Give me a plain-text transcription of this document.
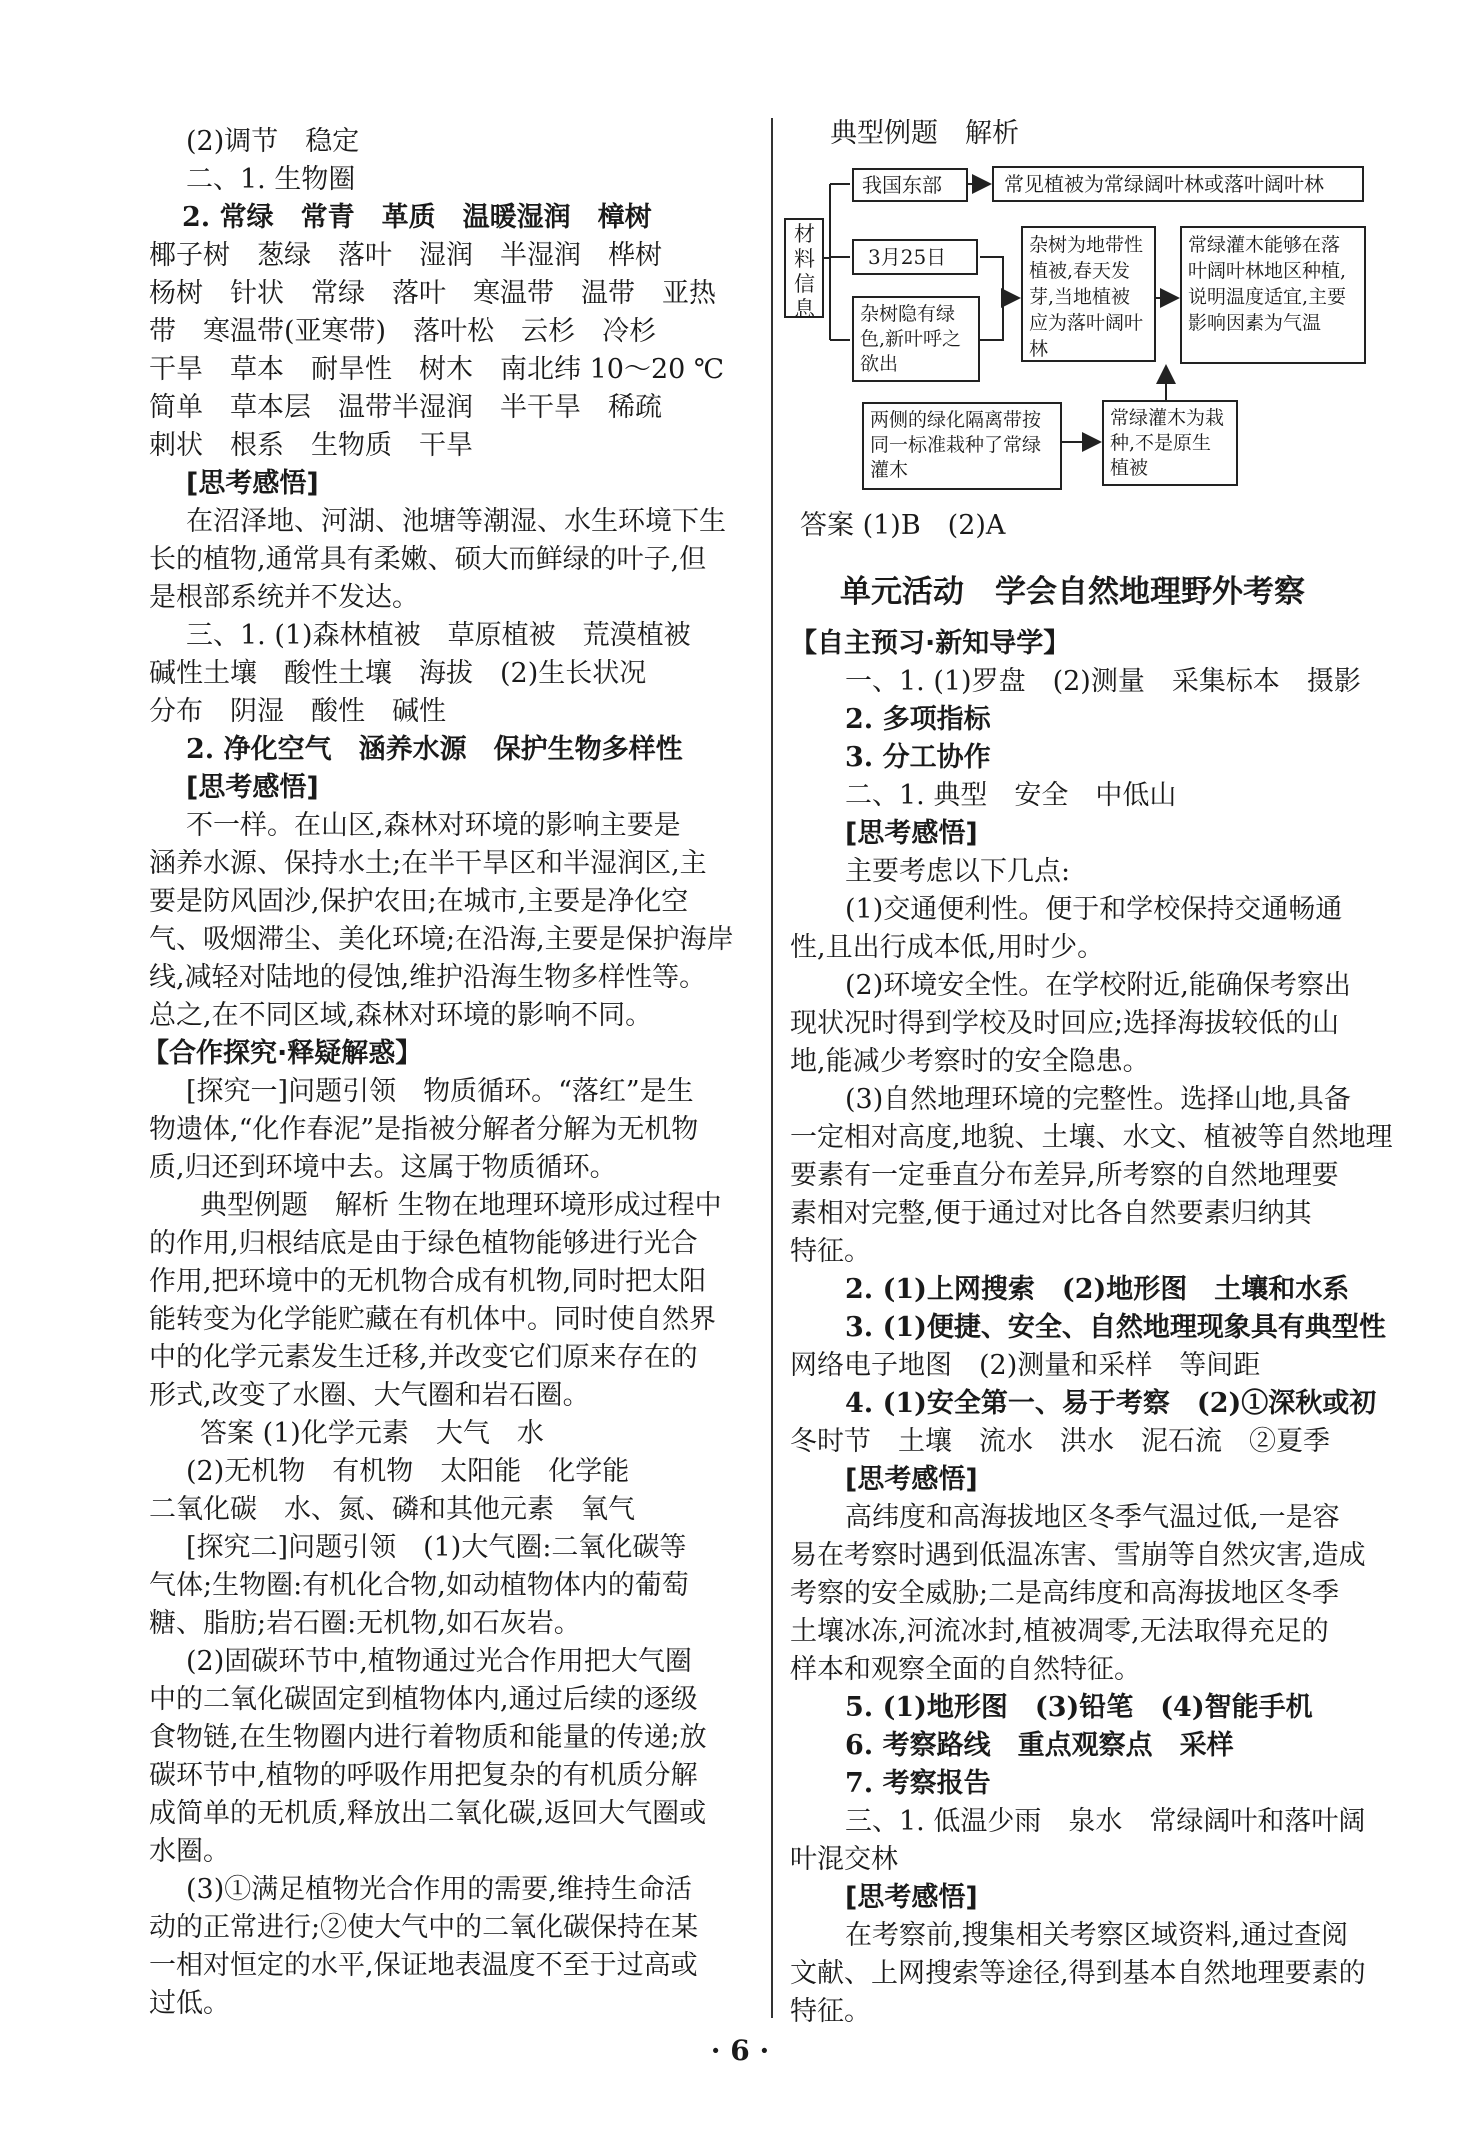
(2)调节　稳定
二、1. 生物圈
2. 常绿　常青　革质　温暖湿润　樟树
椰子树　葱绿　落叶　湿润　半湿润　桦树
杨树　针状　常绿　落叶　寒温带　温带　亚热
带　寒温带(亚寒带)　落叶松　云杉　冷杉
干旱　草本　耐旱性　树木　南北纬 10～20 ℃
简单　草本层　温带半湿润　半干旱　稀疏
刺状　根系　生物质　干旱
[思考感悟]
在沼泽地、河湖、池塘等潮湿、水生环境下生
长的植物,通常具有柔嫩、硕大而鲜绿的叶子,但
是根部系统并不发达。
三、1. (1)森林植被　草原植被　荒漠植被
碱性土壤　酸性土壤　海拔　(2)生长状况
分布　阴湿　酸性　碱性
2. 净化空气　涵养水源　保护生物多样性
[思考感悟]
不一样。在山区,森林对环境的影响主要是
涵养水源、保持水土;在半干旱区和半湿润区,主
要是防风固沙,保护农田;在城市,主要是净化空
气、吸烟滞尘、美化环境;在沿海,主要是保护海岸
线,减轻对陆地的侵蚀,维护沿海生物多样性等。
总之,在不同区域,森林对环境的影响不同。
【合作探究·释疑解惑】
[探究一]问题引领　物质循环。“落红”是生
物遗体,“化作春泥”是指被分解者分解为无机物
质,归还到环境中去。这属于物质循环。
典型例题　解析 生物在地理环境形成过程中
的作用,归根结底是由于绿色植物能够进行光合
作用,把环境中的无机物合成有机物,同时把太阳
能转变为化学能贮藏在有机体中。同时使自然界
中的化学元素发生迁移,并改变它们原来存在的
形式,改变了水圈、大气圈和岩石圈。
答案 (1)化学元素　大气　水
(2)无机物　有机物　太阳能　化学能
二氧化碳　水、氮、磷和其他元素　氧气
[探究二]问题引领　(1)大气圈:二氧化碳等
气体;生物圈:有机化合物,如动植物体内的葡萄
糖、脂肪;岩石圈:无机物,如石灰岩。
(2)固碳环节中,植物通过光合作用把大气圈
中的二氧化碳固定到植物体内,通过后续的逐级
食物链,在生物圈内进行着物质和能量的传递;放
碳环节中,植物的呼吸作用把复杂的有机质分解
成简单的无机质,释放出二氧化碳,返回大气圈或
水圈。
(3)①满足植物光合作用的需要,维持生命活
动的正常进行;②使大气中的二氧化碳保持在某
一相对恒定的水平,保证地表温度不至于过高或
过低。
典型例题　解析
材料信息
我国东部	常见植被为常绿阔叶林或落叶阔叶林
3月25日
杂树隐有绿色,新叶呼之欲出
杂树为地带性植被,春天发芽,当地植被应为落叶阔叶林
常绿灌木能够在落叶阔叶林地区种植,说明温度适宜,主要影响因素为气温
两侧的绿化隔离带按同一标准栽种了常绿灌木
常绿灌木为栽种,不是原生植被
答案 (1)B　(2)A
单元活动　学会自然地理野外考察
【自主预习·新知导学】
一、1. (1)罗盘　(2)测量　采集标本　摄影
2. 多项指标
3. 分工协作
二、1. 典型　安全　中低山
[思考感悟]
主要考虑以下几点:
(1)交通便利性。便于和学校保持交通畅通
性,且出行成本低,用时少。
(2)环境安全性。在学校附近,能确保考察出
现状况时得到学校及时回应;选择海拔较低的山
地,能减少考察时的安全隐患。
(3)自然地理环境的完整性。选择山地,具备
一定相对高度,地貌、土壤、水文、植被等自然地理
要素有一定垂直分布差异,所考察的自然地理要
素相对完整,便于通过对比各自然要素归纳其
特征。
2. (1)上网搜索　(2)地形图　土壤和水系
3. (1)便捷、安全、自然地理现象具有典型性
网络电子地图　(2)测量和采样　等间距
4. (1)安全第一、易于考察　(2)①深秋或初
冬时节　土壤　流水　洪水　泥石流　②夏季
[思考感悟]
高纬度和高海拔地区冬季气温过低,一是容
易在考察时遇到低温冻害、雪崩等自然灾害,造成
考察的安全威胁;二是高纬度和高海拔地区冬季
土壤冰冻,河流冰封,植被凋零,无法取得充足的
样本和观察全面的自然特征。
5. (1)地形图　(3)铅笔　(4)智能手机
6. 考察路线　重点观察点　采样
7. 考察报告
三、1. 低温少雨　泉水　常绿阔叶和落叶阔
叶混交林
[思考感悟]
在考察前,搜集相关考察区域资料,通过查阅
文献、上网搜索等途径,得到基本自然地理要素的
特征。
· 6 ·
